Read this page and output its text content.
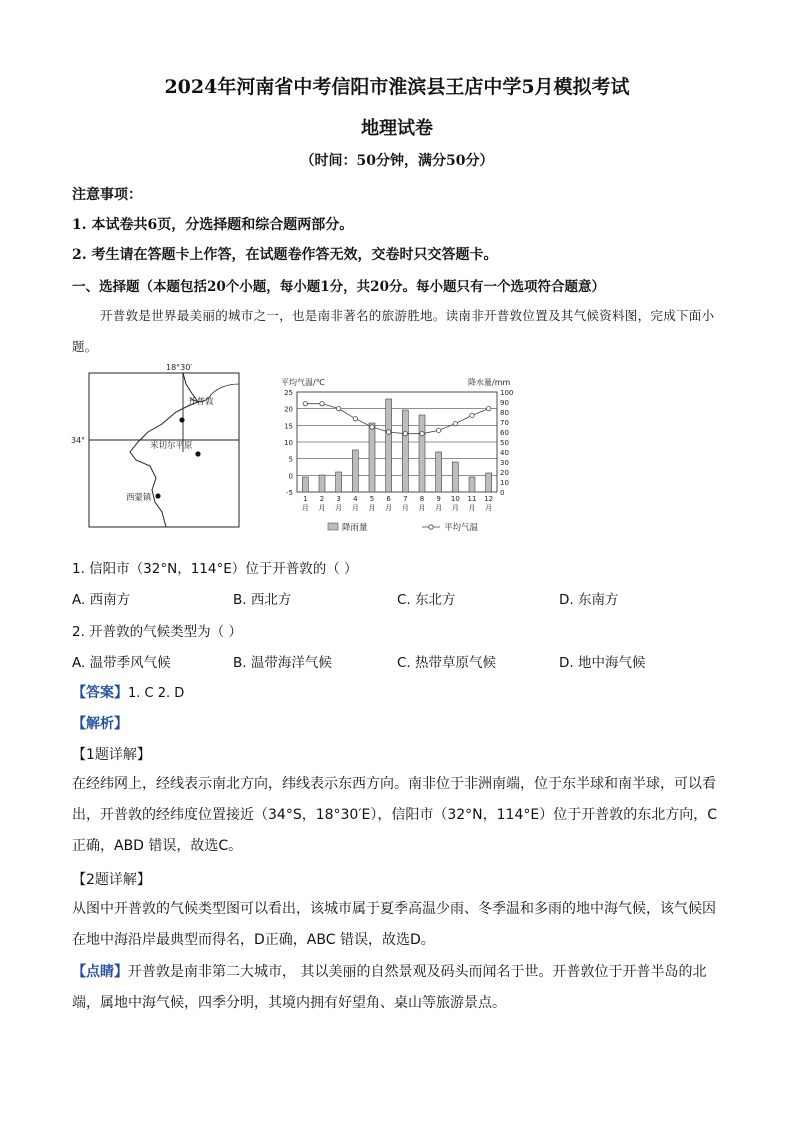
2024年河南省中考信阳市淮滨县王店中学5月模拟考试
地理试卷
（时间：50分钟，满分50分）
注意事项：
1. 本试卷共6页，分选择题和综合题两部分。
2. 考生请在答题卡上作答，在试题卷作答无效，交卷时只交答题卡。
一、选择题（本题包括20个小题，每小题1分，共20分。每小题只有一个选项符合题意）
开普敦是世界最美丽的城市之一，也是南非著名的旅游胜地。读南非开普敦位置及其气候资料图，完成下面小题。
18°30′
34°
开普敦
米切尔平原
西蒙镇
平均气温/℃	降水量/mm
25
20
15
10
5
0
-5
100
90
80
70
60
50
40
30
20
10
0
1
月
2
月
3
月
4
月
5
月
6
月
7
月
8
月
9
月
10
月
11
月
12
月
降雨量	平均气温
1. 信阳市（32°N，114°E）位于开普敦的（ ）
A. 西南方	B. 西北方	C. 东北方	D. 东南方
2. 开普敦的气候类型为（ ）
A. 温带季风气候	B. 温带海洋气候	C. 热带草原气候	D. 地中海气候
【答案】1. C 2. D
【解析】
【1题详解】
在经纬网上，经线表示南北方向，纬线表示东西方向。南非位于非洲南端，位于东半球和南半球，可以看出，开普敦的经纬度位置接近（34°S，18°30′E），信阳市（32°N，114°E）位于开普敦的东北方向，C正确，ABD 错误，故选C。
【2题详解】
从图中开普敦的气候类型图可以看出，该城市属于夏季高温少雨、冬季温和多雨的地中海气候，该气候因在地中海沿岸最典型而得名，D正确，ABC 错误，故选D。
【点睛】开普敦是南非第二大城市， 其以美丽的自然景观及码头而闻名于世。开普敦位于开普半岛的北端，属地中海气候，四季分明，其境内拥有好望角、桌山等旅游景点。
